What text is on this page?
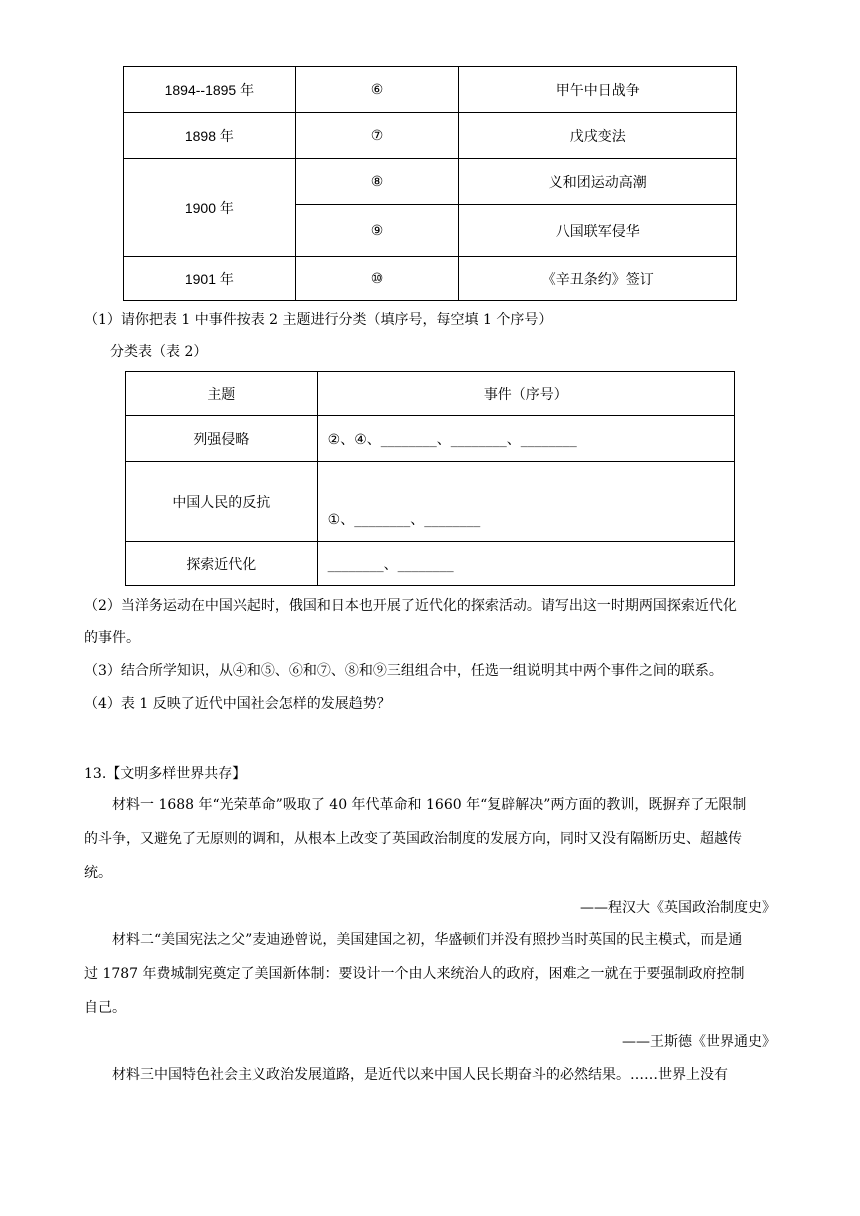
1894--1895 年	⑥	甲午中日战争
1898 年	⑦	戊戌变法
1900 年	⑧	义和团运动高潮
	⑨	八国联军侵华
1901 年	⑩	《辛丑条约》签订
（1）请你把表 1 中事件按表 2 主题进行分类（填序号，每空填 1 个序号）
分类表（表 2）
主题	事件（序号）
列强侵略	②、④、________、________、________
中国人民的反抗	①、________、________
探索近代化	________、________
（2）当洋务运动在中国兴起时，俄国和日本也开展了近代化的探索活动。请写出这一时期两国探索近代化
的事件。
（3）结合所学知识，从④和⑤、⑥和⑦、⑧和⑨三组组合中，任选一组说明其中两个事件之间的联系。
（4）表 1 反映了近代中国社会怎样的发展趋势？
13.【文明多样世界共存】
材料一 1688 年“光荣革命”吸取了 40 年代革命和 1660 年“复辟解决”两方面的教训，既摒弃了无限制的斗争，又避免了无原则的调和，从根本上改变了英国政治制度的发展方向，同时又没有隔断历史、超越传统。
——程汉大《英国政治制度史》
材料二“美国宪法之父”麦迪逊曾说，美国建国之初，华盛顿们并没有照抄当时英国的民主模式，而是通过 1787 年费城制宪奠定了美国新体制：要设计一个由人来统治人的政府，困难之一就在于要强制政府控制自己。
——王斯德《世界通史》
材料三中国特色社会主义政治发展道路，是近代以来中国人民长期奋斗的必然结果。……世界上没有
